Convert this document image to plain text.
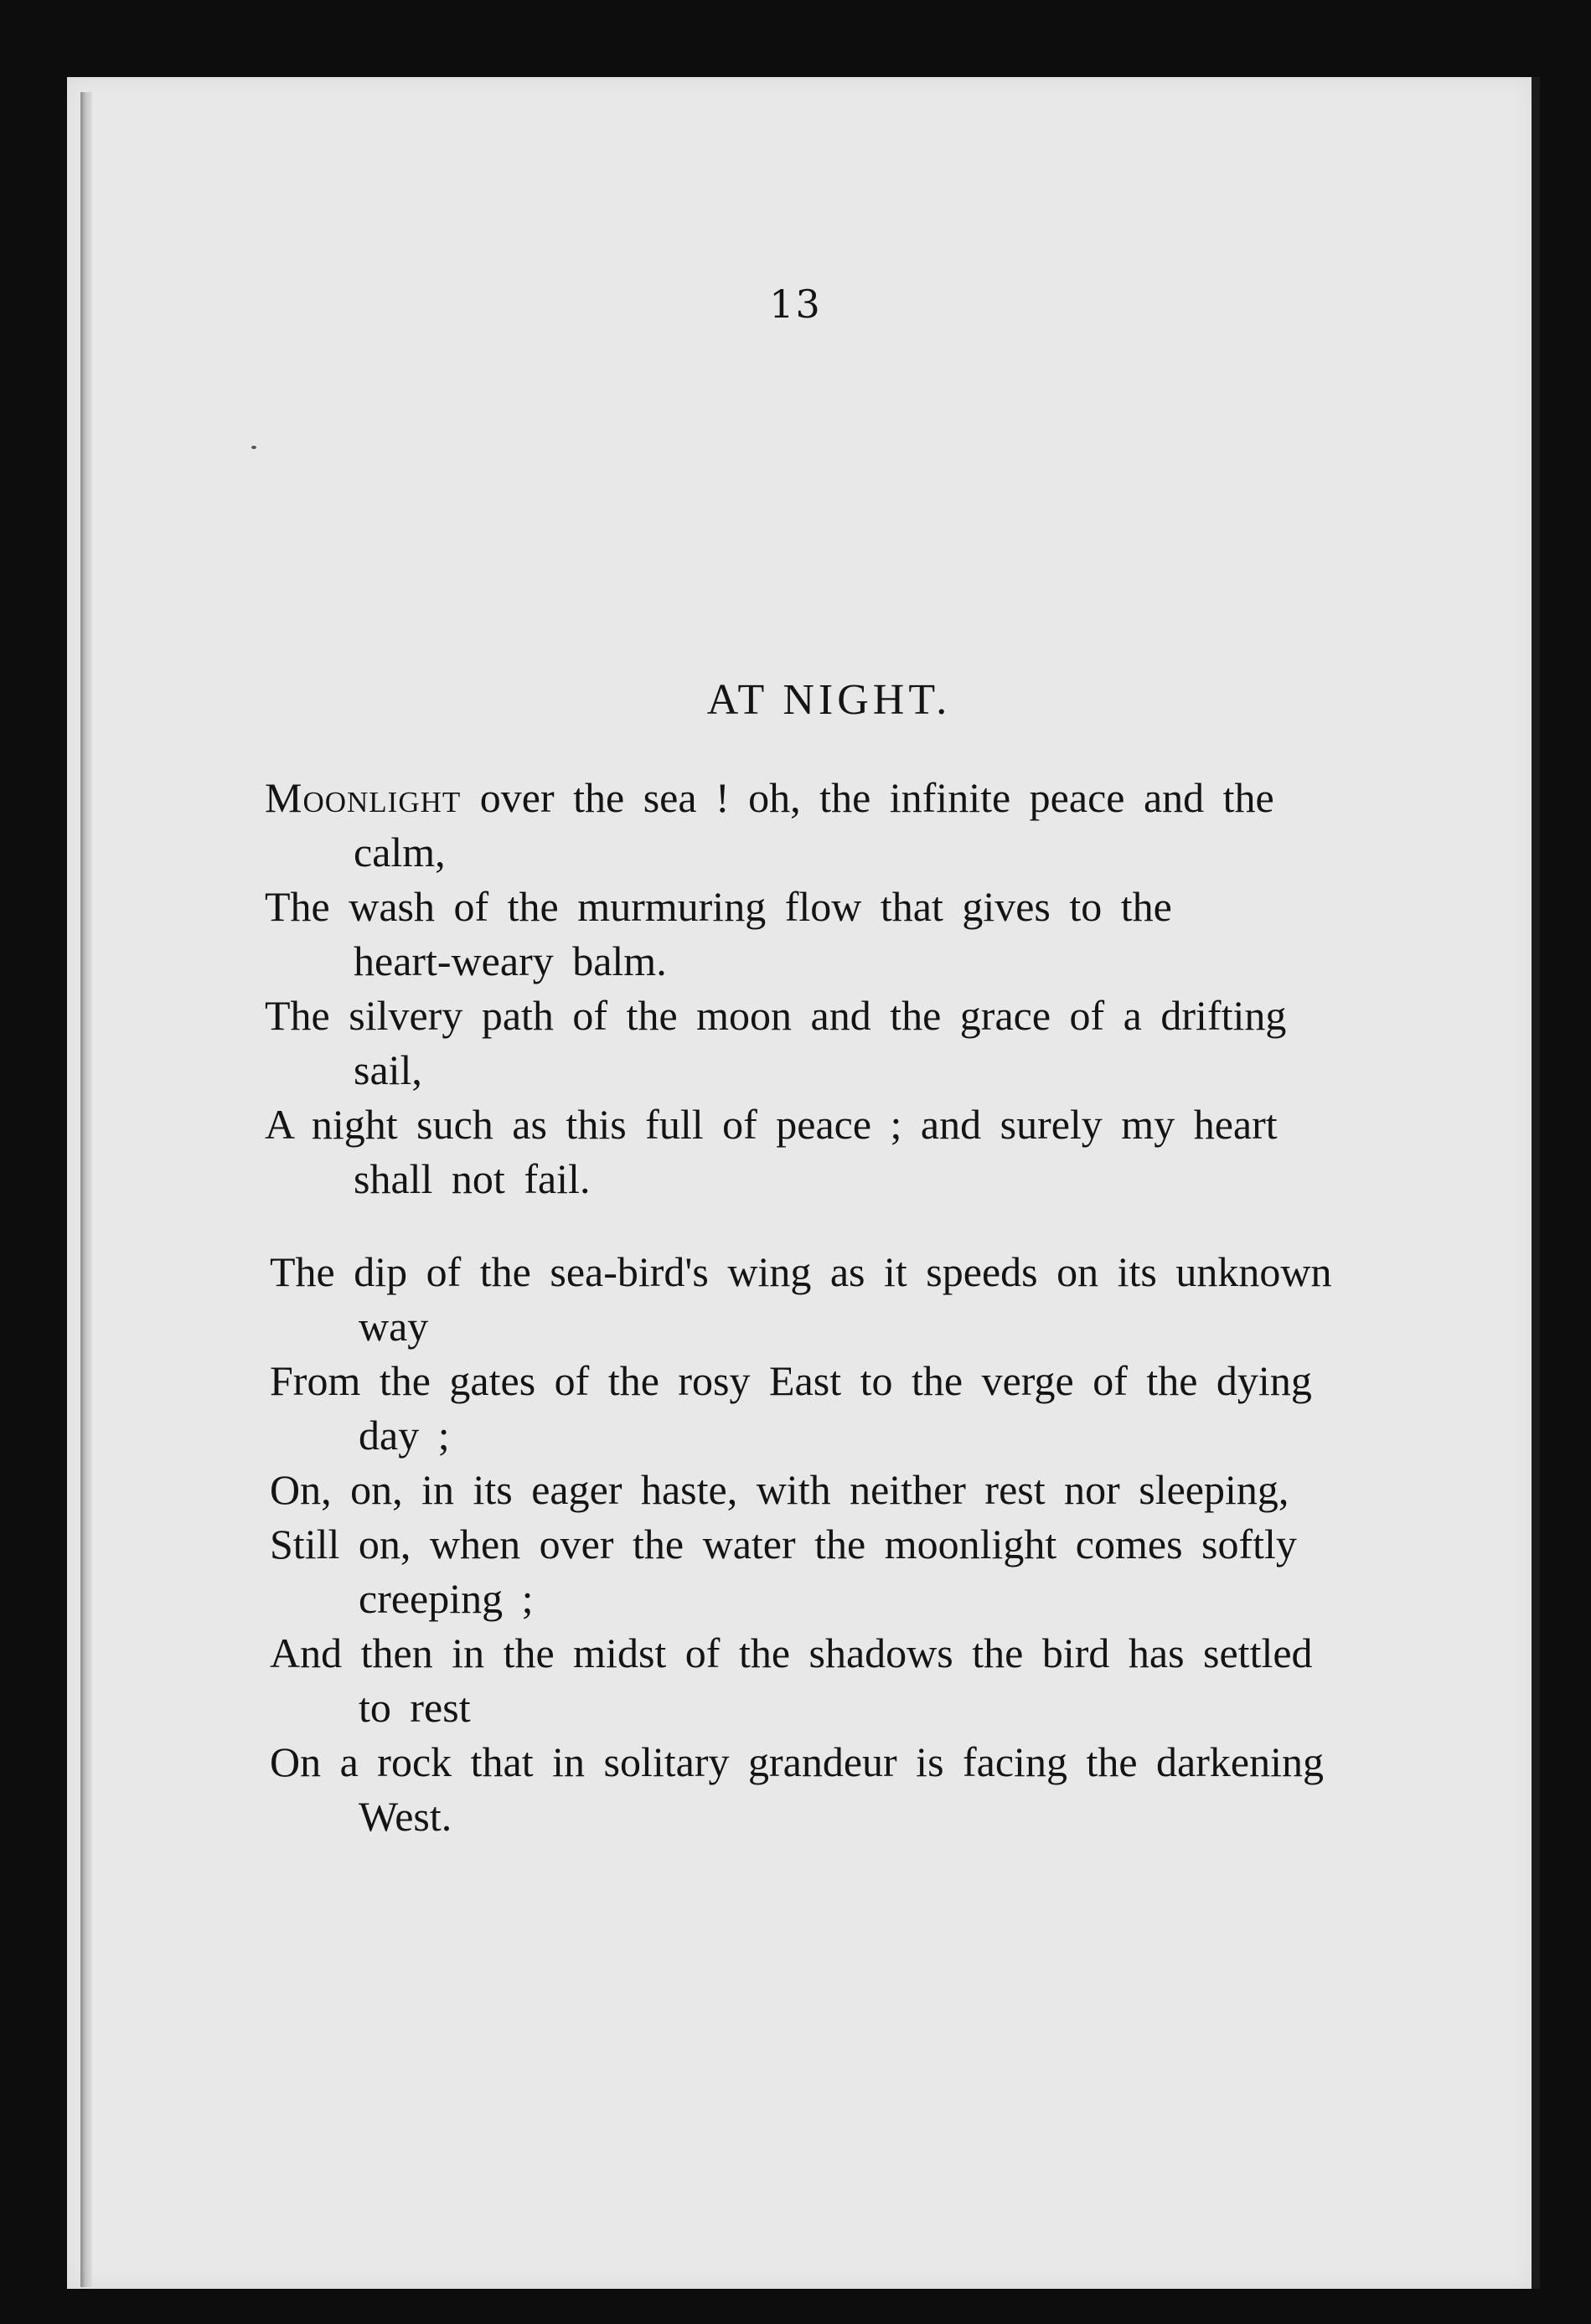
13
AT NIGHT.
Moonlight over the sea ! oh, the infinite peace and the
calm,
The wash of the murmuring flow that gives to the
heart-weary balm.
The silvery path of the moon and the grace of a drifting
sail,
A night such as this full of peace ; and surely my heart
shall not fail.
The dip of the sea-bird's wing as it speeds on its unknown
way
From the gates of the rosy East to the verge of the dying
day ;
On, on, in its eager haste, with neither rest nor sleeping,
Still on, when over the water the moonlight comes softly
creeping ;
And then in the midst of the shadows the bird has settled
to rest
On a rock that in solitary grandeur is facing the darkening
West.
